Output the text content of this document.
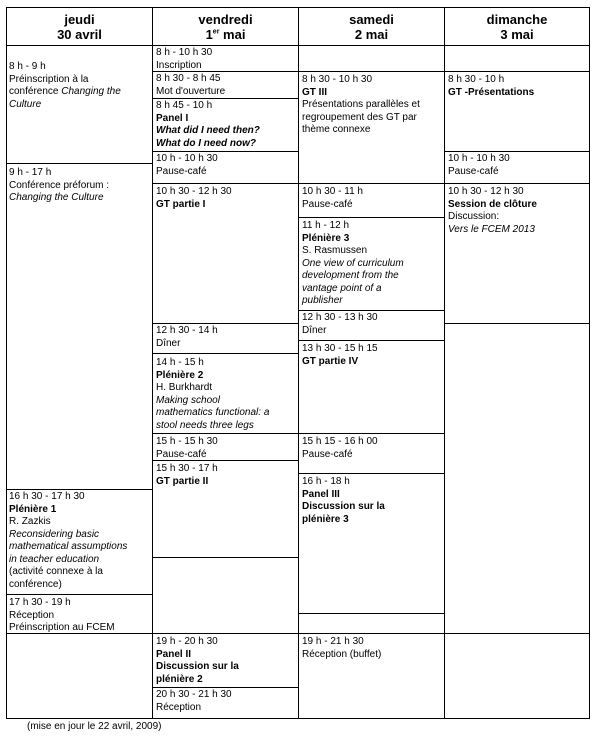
jeudi
30 avril
vendredi
1er mai
samedi
2 mai
dimanche
3 mai
8 h - 9 h
Préinscription à la
conférence Changing the
Culture
9 h - 17 h
Conférence préforum :
Changing the Culture
16 h 30 - 17 h 30
Plénière 1
R. Zazkis
Reconsidering basic
mathematical assumptions
in teacher education
(activité connexe à la
conférence)
17 h 30 - 19 h
Réception
Préinscription au FCEM
8 h - 10 h 30
Inscription
8 h 30 - 8 h 45
Mot d'ouverture
8 h 45 - 10 h
Panel I
What did I need then?
What do I need now?
10 h - 10 h 30
Pause-café
10 h 30 - 12 h 30
GT partie I
12 h 30 - 14 h
Dîner
14 h - 15 h
Plénière 2
H. Burkhardt
Making school
mathematics functional: a
stool needs three legs
15 h - 15 h 30
Pause-café
15 h 30 - 17 h
GT partie II
19 h - 20 h 30
Panel II
Discussion sur la
plénière 2
20 h 30 - 21 h 30
Réception
8 h 30 - 10 h 30
GT III
Présentations parallèles et
regroupement des GT par
thème connexe
10 h 30 - 11 h
Pause-café
11 h - 12 h
Plénière 3
S. Rasmussen
One view of curriculum
development from the
vantage point of a
publisher
12 h 30 - 13 h 30
Dîner
13 h 30 - 15 h 15
GT partie IV
15 h 15 - 16 h 00
Pause-café
16 h - 18 h
Panel III
Discussion sur la
plénière 3
19 h - 21 h 30
Réception (buffet)
8 h 30 - 10 h
GT -Présentations
10 h - 10 h 30
Pause-café
10 h 30 - 12 h 30
Session de clôture
Discussion:
Vers le FCEM 2013
(mise en jour le 22 avril, 2009)
